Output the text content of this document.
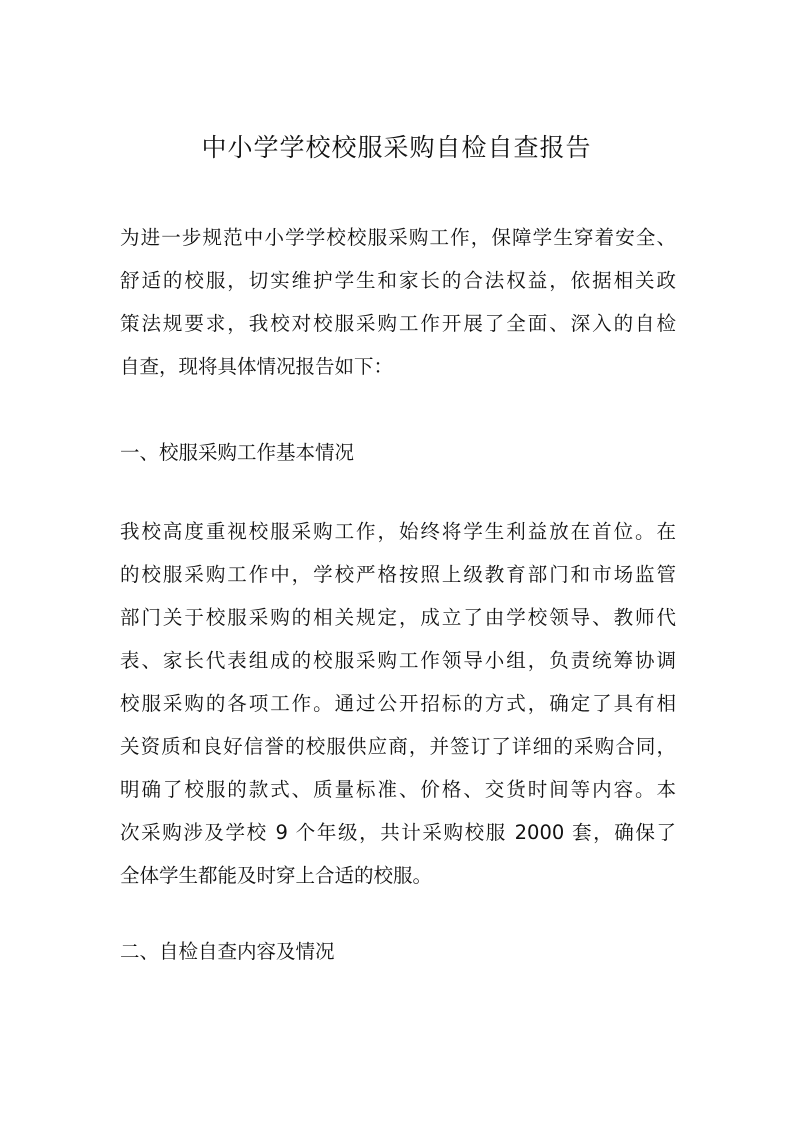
中小学学校校服采购自检自查报告
为进一步规范中小学学校校服采购工作，保障学生穿着安全、
舒适的校服，切实维护学生和家长的合法权益，依据相关政
策法规要求，我校对校服采购工作开展了全面、深入的自检
自查，现将具体情况报告如下：
一、校服采购工作基本情况
我校高度重视校服采购工作，始终将学生利益放在首位。在
的校服采购工作中，学校严格按照上级教育部门和市场监管
部门关于校服采购的相关规定，成立了由学校领导、教师代
表、家长代表组成的校服采购工作领导小组，负责统筹协调
校服采购的各项工作。通过公开招标的方式，确定了具有相
关资质和良好信誉的校服供应商，并签订了详细的采购合同，
明确了校服的款式、质量标准、价格、交货时间等内容。本
次采购涉及学校 9 个年级，共计采购校服 2000 套，确保了
全体学生都能及时穿上合适的校服。
二、自检自查内容及情况
